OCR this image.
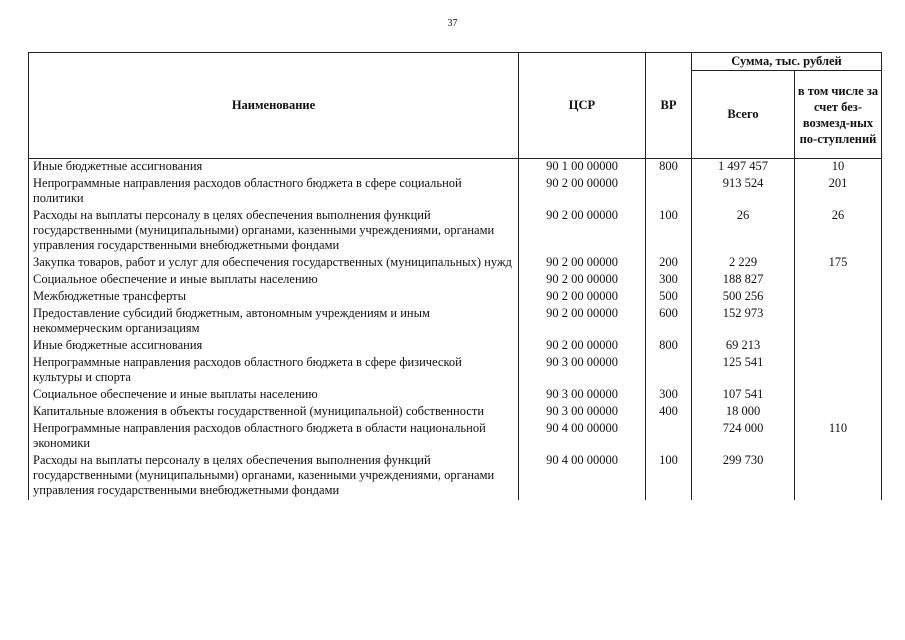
37
Наименование	ЦСР	ВР	Сумма, тыс. рублей	
			Всего	в том числе за счет без-возмезд-ных по-ступлений
Иные бюджетные ассигнования	90 1 00 00000	800	1 497 457	10
Непрограммные направления расходов областного бюджета в сфере социальной политики	90 2 00 00000		913 524	201
Расходы на выплаты персоналу в целях обеспечения выполнения функций государственными (муниципальными) органами, казенными учреждениями, органами управления государственными внебюджетными фондами	90 2 00 00000	100	26	26
Закупка товаров, работ и услуг для обеспечения государственных (муниципальных) нужд	90 2 00 00000	200	2 229	175
Социальное обеспечение и иные выплаты населению	90 2 00 00000	300	188 827	
Межбюджетные трансферты	90 2 00 00000	500	500 256	
Предоставление субсидий бюджетным, автономным учреждениям и иным некоммерческим организациям	90 2 00 00000	600	152 973	
Иные бюджетные ассигнования	90 2 00 00000	800	69 213	
Непрограммные направления расходов областного бюджета в сфере физической культуры и спорта	90 3 00 00000		125 541	
Социальное обеспечение и иные выплаты населению	90 3 00 00000	300	107 541	
Капитальные вложения в объекты государственной (муниципальной) собственности	90 3 00 00000	400	18 000	
Непрограммные направления расходов областного бюджета в области национальной экономики	90 4 00 00000		724 000	110
Расходы на выплаты персоналу в целях обеспечения выполнения функций государственными (муниципальными) органами, казенными учреждениями, органами управления государственными внебюджетными фондами	90 4 00 00000	100	299 730	
